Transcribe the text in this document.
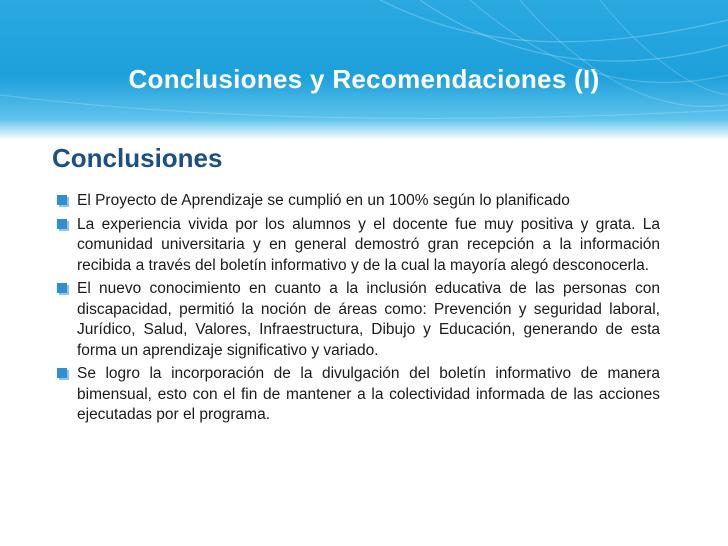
Conclusiones y Recomendaciones (I)
Conclusiones
El Proyecto de Aprendizaje se cumplió en un 100% según lo planificado
La experiencia vivida por los alumnos y el docente fue muy positiva y grata. La comunidad universitaria y en general demostró gran recepción a la información recibida a través del boletín informativo y de la cual la mayoría alegó desconocerla.
El nuevo conocimiento en cuanto a la inclusión educativa de las personas con discapacidad, permitió la noción de áreas como: Prevención y seguridad laboral, Jurídico, Salud, Valores, Infraestructura, Dibujo y Educación, generando de esta forma un aprendizaje significativo y variado.
Se logro la incorporación de la divulgación del boletín informativo de manera bimensual, esto con el fin de mantener a la colectividad informada de las acciones ejecutadas por el programa.
